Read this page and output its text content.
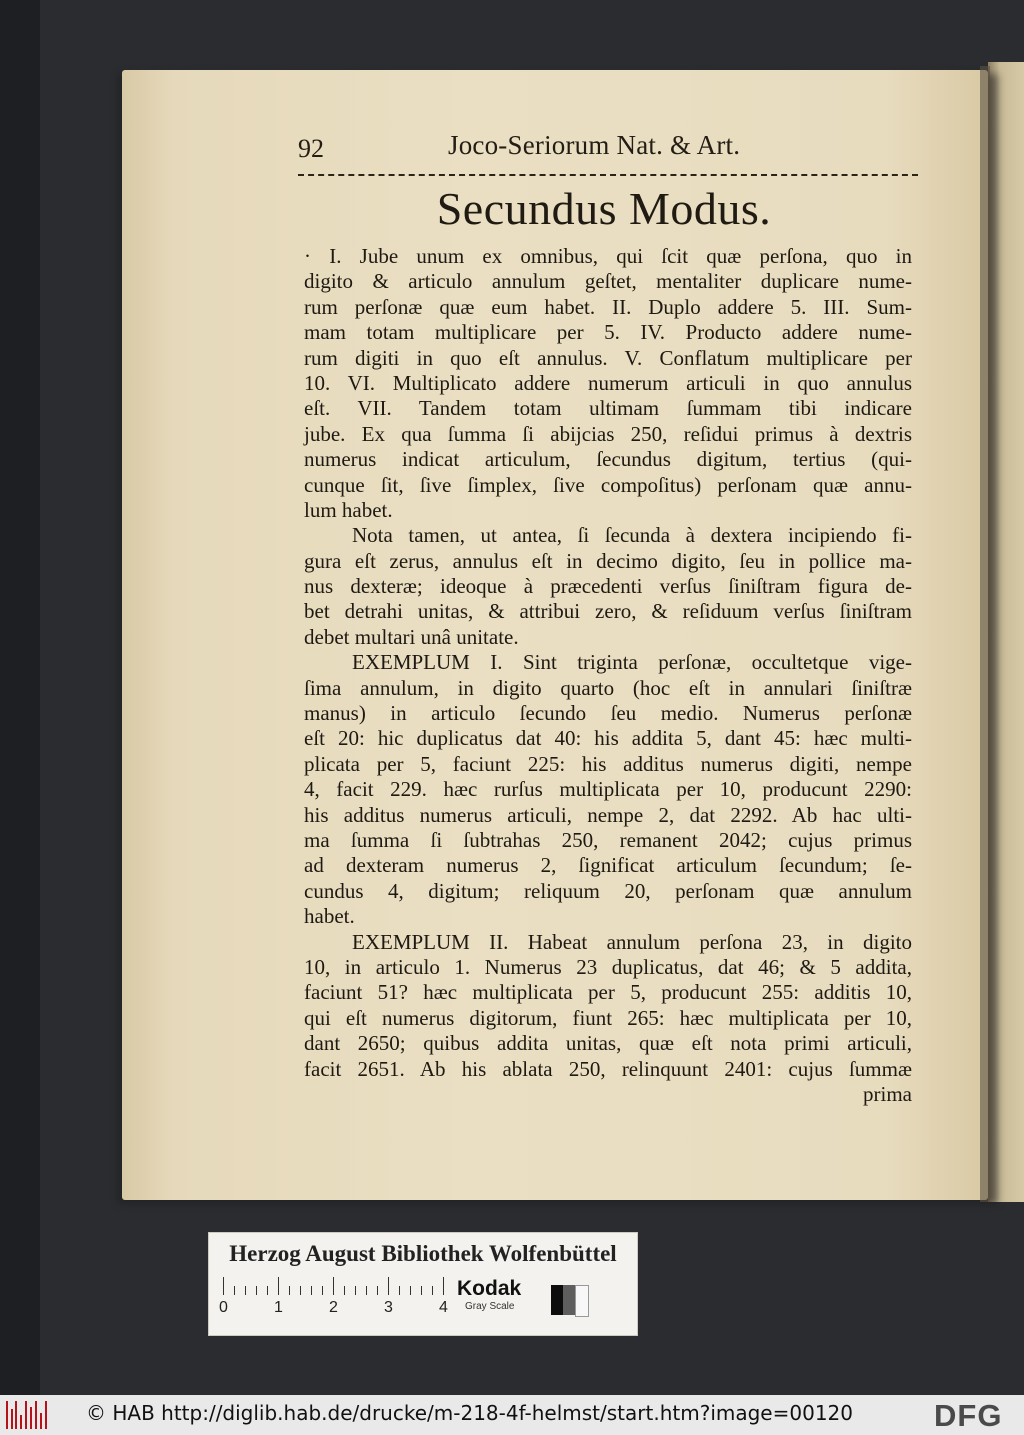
92	Joco-Seriorum Nat. & Art.
Secundus Modus.
· I. Jube unum ex omnibus, qui ſcit quæ perſona, quo in
digito & articulo annulum geſtet, mentaliter duplicare nume-
rum perſonæ quæ eum habet. II. Duplo addere 5. III. Sum-
mam totam multiplicare per 5. IV. Producto addere nume-
rum digiti in quo eſt annulus. V. Conflatum multiplicare per
10. VI. Multiplicato addere numerum articuli in quo annulus
eſt. VII. Tandem totam ultimam ſummam tibi indicare
jube. Ex qua ſumma ſi abijcias 250, reſidui primus à dextris
numerus indicat articulum, ſecundus digitum, tertius (qui-
cunque ſit, ſive ſimplex, ſive compoſitus) perſonam quæ annu-
lum habet.
Nota tamen, ut antea, ſi ſecunda à dextera incipiendo fi-
gura eſt zerus, annulus eſt in decimo digito, ſeu in pollice ma-
nus dexteræ; ideoque à præcedenti verſus ſiniſtram figura de-
bet detrahi unitas, & attribui zero, & reſiduum verſus ſiniſtram
debet multari unâ unitate.
EXEMPLUM I. Sint triginta perſonæ, occultetque vige-
ſima annulum, in digito quarto (hoc eſt in annulari ſiniſtræ
manus) in articulo ſecundo ſeu medio. Numerus perſonæ
eſt 20: hic duplicatus dat 40: his addita 5, dant 45: hæc multi-
plicata per 5, faciunt 225: his additus numerus digiti, nempe
4, facit 229. hæc rurſus multiplicata per 10, producunt 2290:
his additus numerus articuli, nempe 2, dat 2292. Ab hac ulti-
ma ſumma ſi ſubtrahas 250, remanent 2042; cujus primus
ad dexteram numerus 2, ſignificat articulum ſecundum; ſe-
cundus 4, digitum; reliquum 20, perſonam quæ annulum
habet.
EXEMPLUM II. Habeat annulum perſona 23, in digito
10, in articulo 1. Numerus 23 duplicatus, dat 46; & 5 addita,
faciunt 51? hæc multiplicata per 5, producunt 255: additis 10,
qui eſt numerus digitorum, fiunt 265: hæc multiplicata per 10,
dant 2650; quibus addita unitas, quæ eſt nota primi articuli,
facit 2651. Ab his ablata 250, relinquunt 2401: cujus ſummæ
prima
Herzog August Bibliothek Wolfenbüttel
0	1	2	3	4
Kodak
Gray Scale
© HAB http://diglib.hab.de/drucke/m-218-4f-helmst/start.htm?image=00120	DFG
